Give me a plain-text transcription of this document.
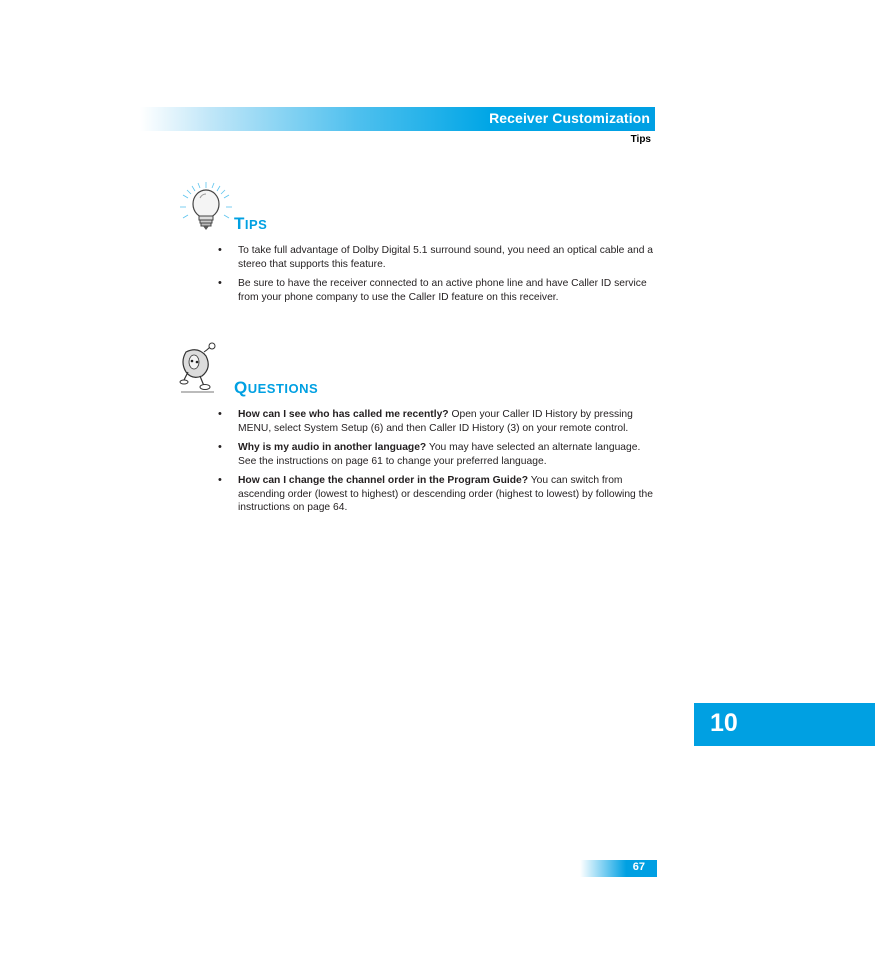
Receiver Customization
Tips
TIPS
• To take full advantage of Dolby Digital 5.1 surround sound, you need an optical cable and a stereo that supports this feature.
• Be sure to have the receiver connected to an active phone line and have Caller ID service from your phone company to use the Caller ID feature on this receiver.
QUESTIONS
• How can I see who has called me recently? Open your Caller ID History by pressing MENU, select System Setup (6) and then Caller ID History (3) on your remote control.
• Why is my audio in another language? You may have selected an alternate language. See the instructions on page 61 to change your preferred language.
• How can I change the channel order in the Program Guide? You can switch from ascending order (lowest to highest) or descending order (highest to lowest) by following the instructions on page 64.
10
67
